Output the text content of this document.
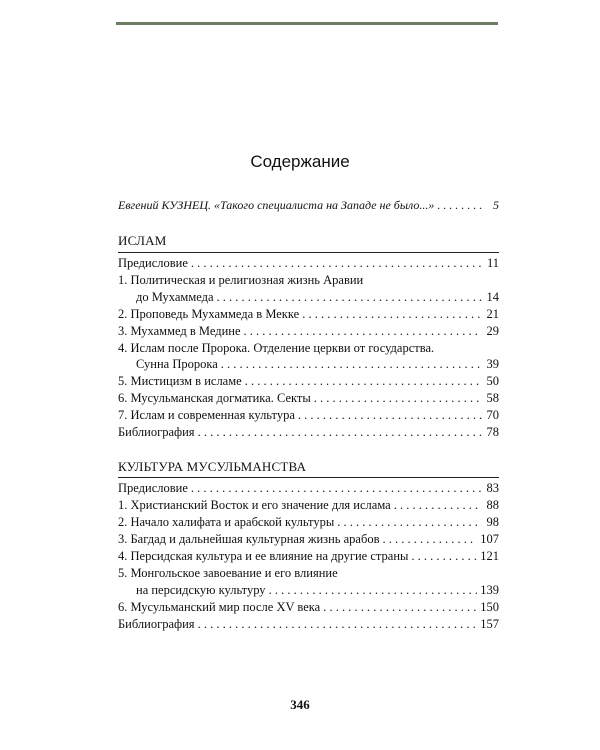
Содержание
Евгений КУЗНЕЦ. «Такого специалиста на Западе не было...» . . .	5
ИСЛАМ
Предисловие . . .	11
1. Политическая и религиозная жизнь Аравии
до Мухаммеда . . .	14
2. Проповедь Мухаммеда в Мекке . . .	21
3. Мухаммед в Медине . . .	29
4. Ислам после Пророка. Отделение церкви от государства.
Сунна Пророка . . .	39
5. Мистицизм в исламе . . .	50
6. Мусульманская догматика. Секты . . .	58
7. Ислам и современная культура . . .	70
Библиография . . .	78
КУЛЬТУРА МУСУЛЬМАНСТВА
Предисловие . . .	83
1. Христианский Восток и его значение для ислама . . .	88
2. Начало халифата и арабской культуры . . .	98
3. Багдад и дальнейшая культурная жизнь арабов . . .	107
4. Персидская культура и ее влияние на другие страны . . .	121
5. Монгольское завоевание и его влияние
на персидскую культуру . . .	139
6. Мусульманский мир после XV века . . .	150
Библиография . . .	157
346
